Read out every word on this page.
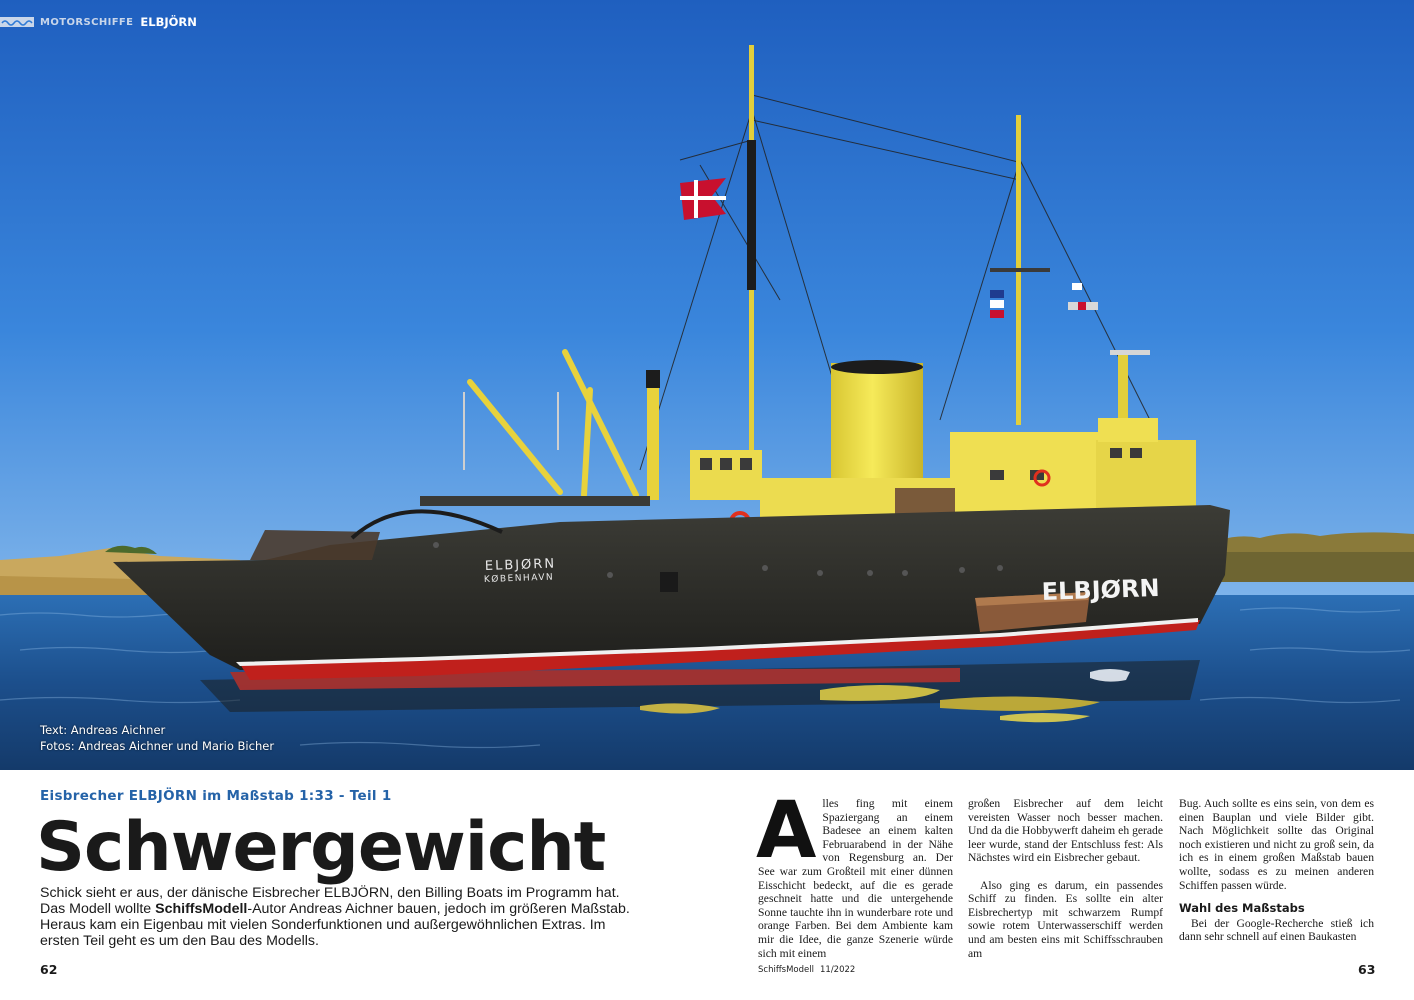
ELBJØRN
KØBENHAVN	ELBJØRN
MOTORSCHIFFE ELBJÖRN
Text: Andreas Aichner
Fotos: Andreas Aichner und Mario Bicher
Eisbrecher ELBJÖRN im Maßstab 1:33 - Teil 1
Schwergewicht
Schick sieht er aus, der dänische Eisbrecher ELBJÖRN, den Billing Boats im Programm hat. Das Modell wollte SchiffsModell-Autor Andreas Aichner bauen, jedoch im größeren Maßstab. Heraus kam ein Eigenbau mit vielen Sonderfunktionen und außergewöhnlichen Extras. Im ersten Teil geht es um den Bau des Modells.
A lles fing mit einem Spaziergang an einem Badesee an einem kalten Februarabend in der Nähe von Regensburg an. Der See war zum Großteil mit einer dünnen Eisschicht bedeckt, auf die es gerade geschneit hatte und die untergehende Sonne tauchte ihn in wunderbare rote und orange Farben. Bei dem Ambiente kam mir die Idee, die ganze Szenerie würde sich mit einem

großen Eisbrecher auf dem leicht vereisten Wasser noch besser machen. Und da die Hobbywerft daheim eh gerade leer wurde, stand der Entschluss fest: Als Nächstes wird ein Eisbrecher gebaut.

Also ging es darum, ein passendes Schiff zu finden. Es sollte ein alter Eisbrechertyp mit schwarzem Rumpf sowie rotem Unterwasserschiff werden und am besten eins mit Schiffsschrauben am

Bug. Auch sollte es eins sein, von dem es einen Bauplan und viele Bilder gibt. Nach Möglichkeit sollte das Original noch existieren und nicht zu groß sein, da ich es in einem großen Maßstab bauen wollte, sodass es zu meinen anderen Schiffen passen würde.

Wahl des Maßstabs

Bei der Google-Recherche stieß ich dann sehr schnell auf einen Baukasten

62	SchiffsModell 11/2022	63
